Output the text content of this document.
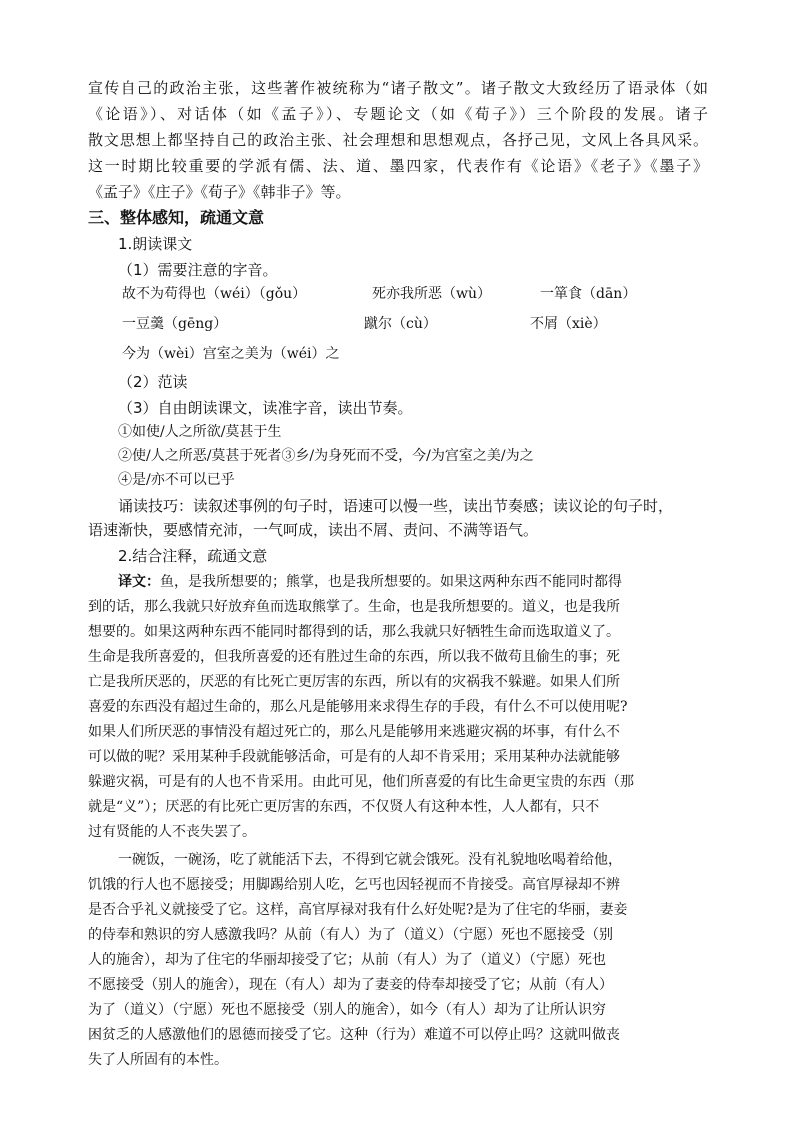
宣传自己的政治主张，这些著作被统称为“诸子散文”。诸子散文大致经历了语录体（如
《论语》）、对话体（如《孟子》）、专题论文（如《荀子》）三个阶段的发展。诸子
散文思想上都坚持自己的政治主张、社会理想和思想观点，各抒己见，文风上各具风采。
这一时期比较重要的学派有儒、法、道、墨四家，代表作有《论语》《老子》《墨子》
《孟子》《庄子》《荀子》《韩非子》等。
三、整体感知，疏通文意
1.朗读课文
（1）需要注意的字音。
故不为苟得也（wéi）（gǒu）	死亦我所恶（wù）	一箪食（dān）
一豆羹（gēng）	蹴尔（cù）	不屑（xiè）
今为（wèi）宫室之美为（wéi）之
（2）范读
（3）自由朗读课文，读准字音，读出节奏。
①如使/人之所欲/莫甚于生
②使/人之所恶/莫甚于死者③乡/为身死而不受，今/为宫室之美/为之
④是/亦不可以已乎
诵读技巧：读叙述事例的句子时，语速可以慢一些，读出节奏感；读议论的句子时，
语速渐快，要感情充沛，一气呵成，读出不屑、责问、不满等语气。
2.结合注释，疏通文意
译文：鱼，是我所想要的；熊掌，也是我所想要的。如果这两种东西不能同时都得
到的话，那么我就只好放弃鱼而选取熊掌了。生命，也是我所想要的。道义，也是我所
想要的。如果这两种东西不能同时都得到的话，那么我就只好牺牲生命而选取道义了。
生命是我所喜爱的，但我所喜爱的还有胜过生命的东西，所以我不做苟且偷生的事；死
亡是我所厌恶的，厌恶的有比死亡更厉害的东西，所以有的灾祸我不躲避。如果人们所
喜爱的东西没有超过生命的，那么凡是能够用来求得生存的手段，有什么不可以使用呢?
如果人们所厌恶的事情没有超过死亡的，那么凡是能够用来逃避灾祸的坏事，有什么不
可以做的呢？采用某种手段就能够活命，可是有的人却不肯采用；采用某种办法就能够
躲避灾祸，可是有的人也不肯采用。由此可见，他们所喜爱的有比生命更宝贵的东西（那
就是“义”）；厌恶的有比死亡更厉害的东西，不仅贤人有这种本性，人人都有，只不
过有贤能的人不丧失罢了。
一碗饭，一碗汤，吃了就能活下去，不得到它就会饿死。没有礼貌地吆喝着给他，
饥饿的行人也不愿接受；用脚踢给别人吃，乞丐也因轻视而不肯接受。高官厚禄却不辨
是否合乎礼义就接受了它。这样，高官厚禄对我有什么好处呢?是为了住宅的华丽，妻妾
的侍奉和熟识的穷人感激我吗？从前（有人）为了（道义）（宁愿）死也不愿接受（别
人的施舍），却为了住宅的华丽却接受了它；从前（有人）为了（道义）（宁愿）死也
不愿接受（别人的施舍），现在（有人）却为了妻妾的侍奉却接受了它；从前（有人）
为了（道义）（宁愿）死也不愿接受（别人的施舍），如今（有人）却为了让所认识穷
困贫乏的人感激他们的恩德而接受了它。这种（行为）难道不可以停止吗？这就叫做丧
失了人所固有的本性。
